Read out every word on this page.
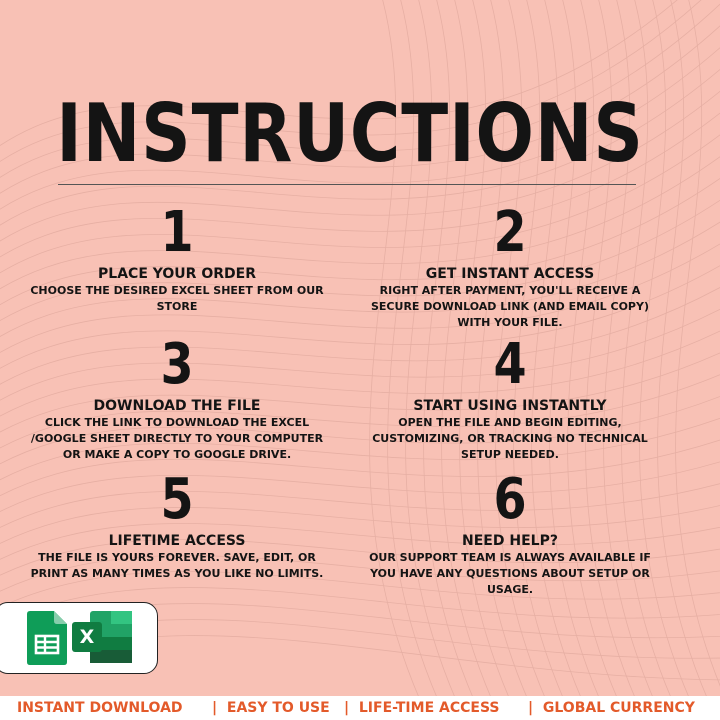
INSTRUCTIONS
1
PLACE YOUR ORDER
CHOOSE THE DESIRED EXCEL SHEET FROM OUR STORE
2
GET INSTANT ACCESS
RIGHT AFTER PAYMENT, YOU'LL RECEIVE A SECURE DOWNLOAD LINK (AND EMAIL COPY) WITH YOUR FILE.
3
DOWNLOAD THE FILE
CLICK THE LINK TO DOWNLOAD THE EXCEL /GOOGLE SHEET DIRECTLY TO YOUR COMPUTER OR MAKE A COPY TO GOOGLE DRIVE.
4
START USING INSTANTLY
OPEN THE FILE AND BEGIN EDITING, CUSTOMIZING, OR TRACKING NO TECHNICAL SETUP NEEDED.
5
LIFETIME ACCESS
THE FILE IS YOURS FOREVER. SAVE, EDIT, OR PRINT AS MANY TIMES AS YOU LIKE NO LIMITS.
6
NEED HELP?
OUR SUPPORT TEAM IS ALWAYS AVAILABLE IF YOU HAVE ANY QUESTIONS ABOUT SETUP OR USAGE.
X
INSTANT DOWNLOAD | EASY TO USE | LIFE-TIME ACCESS | GLOBAL CURRENCY
